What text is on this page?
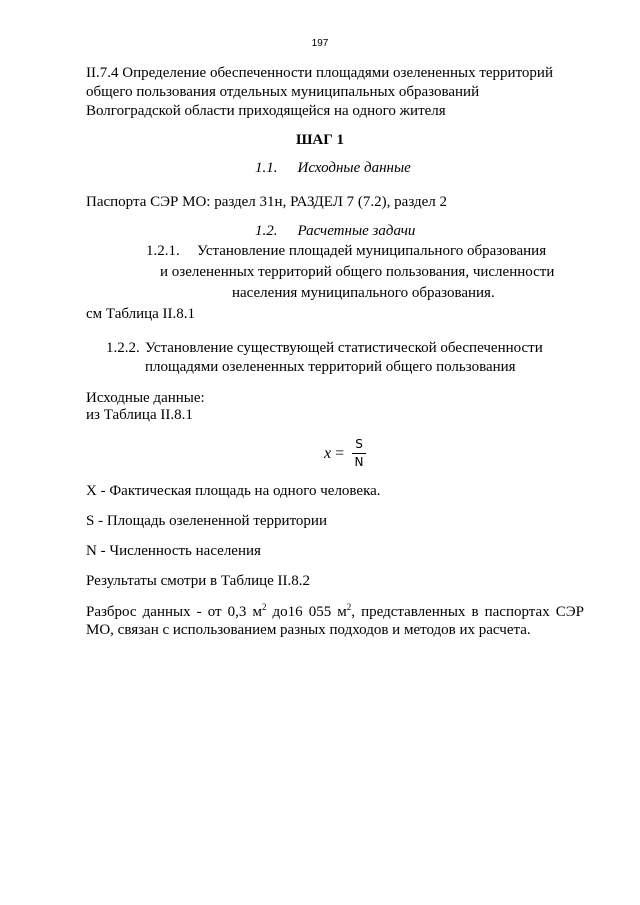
197
II.7.4 Определение обеспеченности площадями озелененных территорий
общего пользования отдельных муниципальных образований
Волгоградской области приходящейся на одного жителя
ШАГ 1
1.1. Исходные данные
Паспорта СЭР МО: раздел 31н, РАЗДЕЛ 7 (7.2), раздел 2
1.2. Расчетные задачи
1.2.1. Установление площадей муниципального образования
и озелененных территорий общего пользования, численности
населения муниципального образования.
см Таблица II.8.1
1.2.2. Установление существующей статистической обеспеченности
площадями озелененных территорий общего пользования
Исходные данные:
из Таблица II.8.1
x =
S
N
X - Фактическая площадь на одного человека.
S - Площадь озелененной территории
N - Численность населения
Результаты смотри в Таблице II.8.2
Разброс данных - от 0,3 $м^2$ до16 055 $м^2$, представленных в паспортах СЭР
МО, связан с использованием разных подходов и методов их расчета.
